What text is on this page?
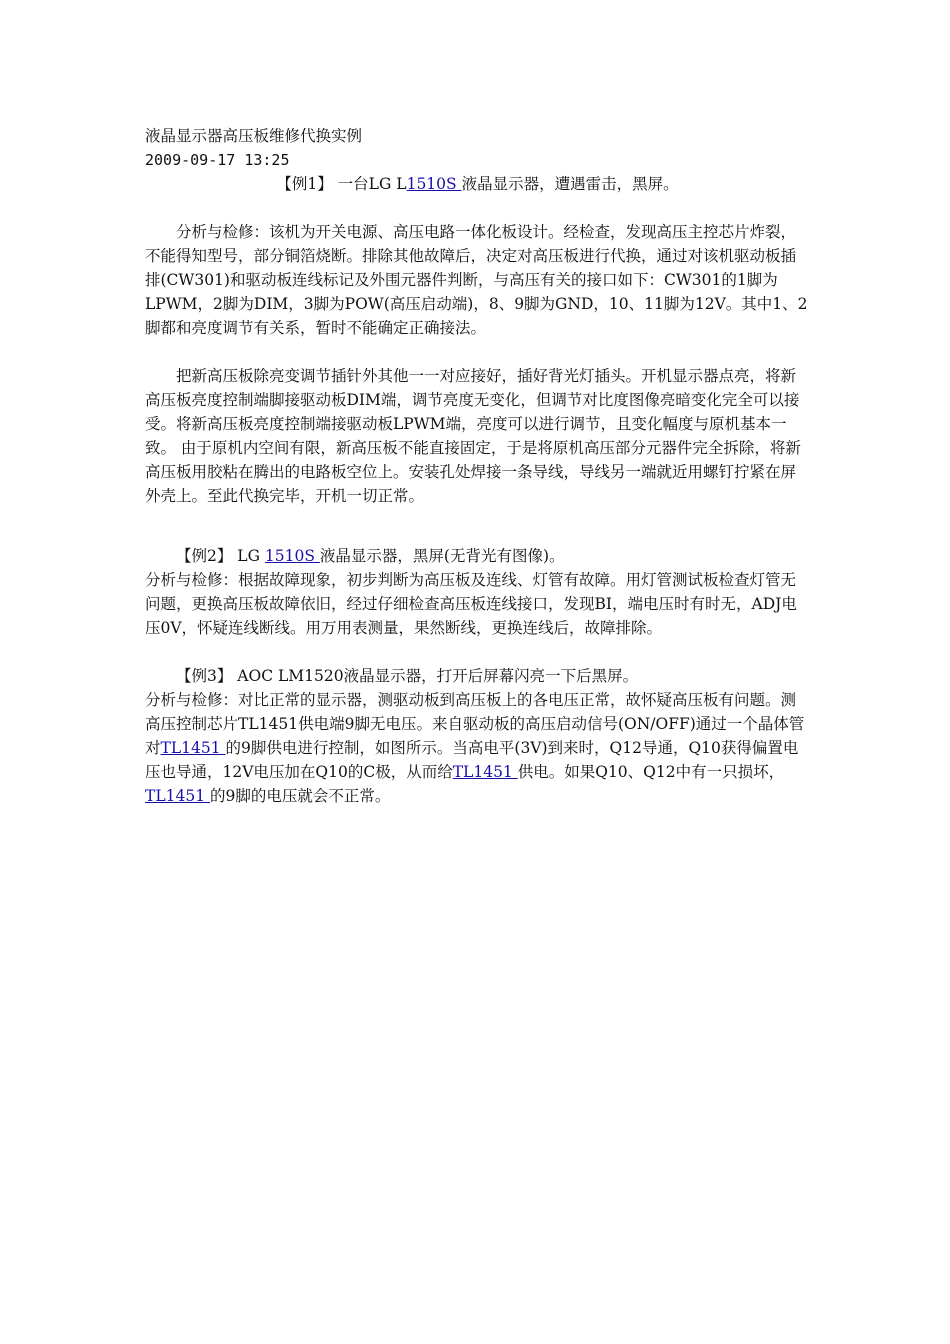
液晶显示器高压板维修代换实例

2009-09-17 13:25

【例1】 一台LG L1510S 液晶显示器，遭遇雷击，黑屏。

分析与检修：该机为开关电源、高压电路一体化板设计。经检查，发现高压主控芯片炸裂，不能得知型号，部分铜箔烧断。排除其他故障后，决定对高压板进行代换，通过对该机驱动板插排(CW301)和驱动板连线标记及外围元器件判断，与高压有关的接口如下：CW301的1脚为LPWM，2脚为DIM，3脚为POW(高压启动端)，8、9脚为GND，10、11脚为12V。其中1、2脚都和亮度调节有关系，暂时不能确定正确接法。

把新高压板除亮变调节插针外其他一一对应接好，插好背光灯插头。开机显示器点亮，将新高压板亮度控制端脚接驱动板DIM端，调节亮度无变化，但调节对比度图像亮暗变化完全可以接受。将新高压板亮度控制端接驱动板LPWM端，亮度可以进行调节，且变化幅度与原机基本一致。 由于原机内空间有限，新高压板不能直接固定，于是将原机高压部分元器件完全拆除，将新高压板用胶粘在腾出的电路板空位上。安装孔处焊接一条导线，导线另一端就近用螺钉拧紧在屏外壳上。至此代换完毕，开机一切正常。

【例2】 LG 1510S 液晶显示器，黑屏(无背光有图像)。

分析与检修：根据故障现象，初步判断为高压板及连线、灯管有故障。用灯管测试板检查灯管无问题，更换高压板故障依旧，经过仔细检查高压板连线接口，发现BI，端电压时有时无，ADJ电压0V，怀疑连线断线。用万用表测量，果然断线，更换连线后，故障排除。

【例3】 AOC LM1520液晶显示器，打开后屏幕闪亮一下后黑屏。

分析与检修：对比正常的显示器，测驱动板到高压板上的各电压正常，故怀疑高压板有问题。测高压控制芯片TL1451供电端9脚无电压。来自驱动板的高压启动信号(ON/OFF)通过一个晶体管对TL1451 的9脚供电进行控制，如图所示。当高电平(3V)到来时，Q12导通，Q10获得偏置电压也导通，12V电压加在Q10的C极，从而给TL1451 供电。如果Q10、Q12中有一只损坏，TL1451 的9脚的电压就会不正常。
